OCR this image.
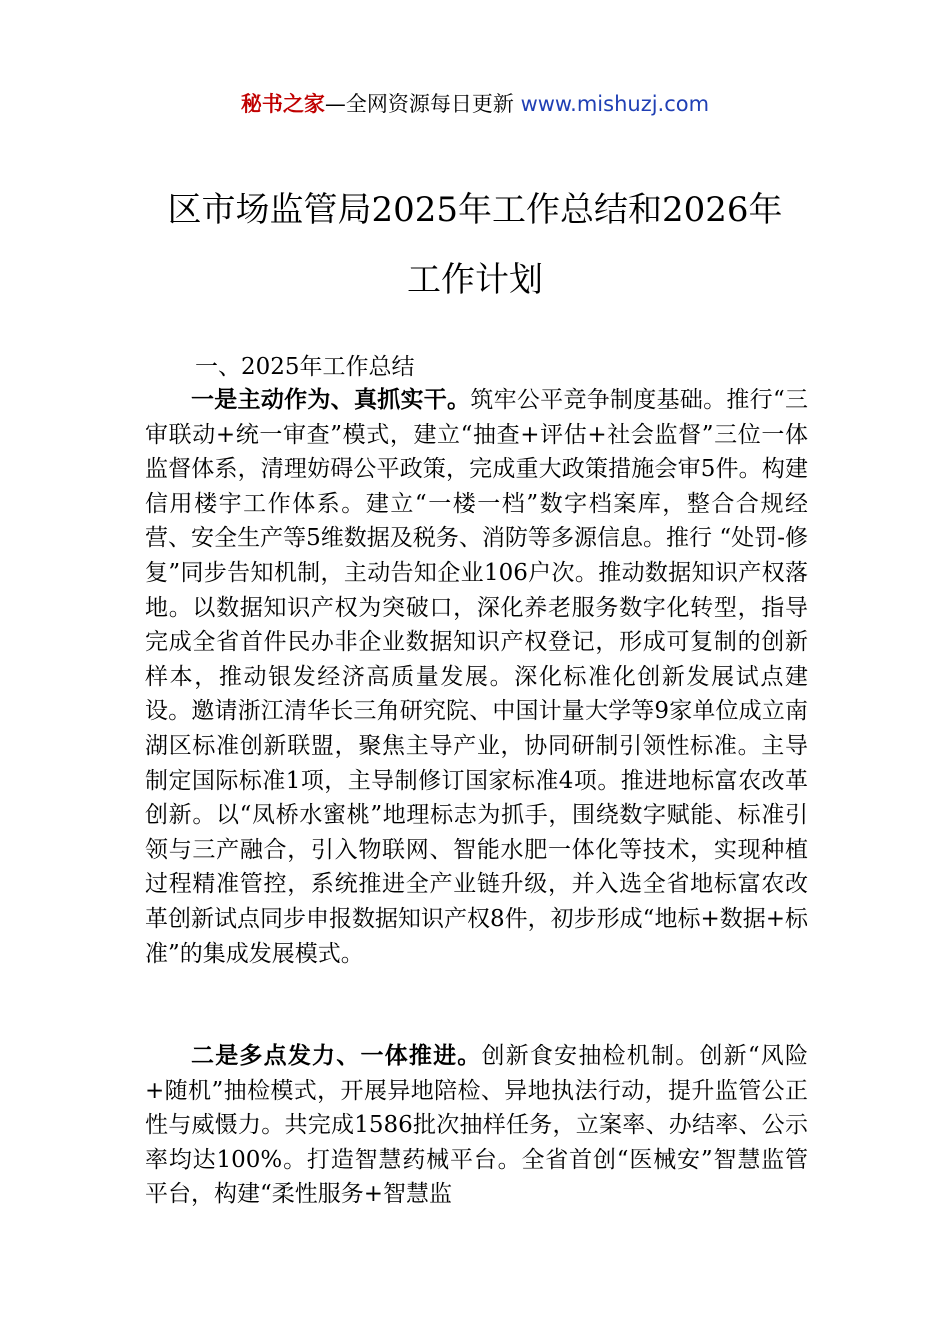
秘书之家—全网资源每日更新 www.mishuzj.com
区市场监管局2025年工作总结和2026年
工作计划
一、2025年工作总结

一是主动作为、真抓实干。筑牢公平竞争制度基础。推行“三审联动+统一审查”模式，建立“抽查+评估+社会监督”三位一体监督体系，清理妨碍公平政策，完成重大政策措施会审5件。构建信用楼宇工作体系。建立“一楼一档”数字档案库，整合合规经营、安全生产等5维数据及税务、消防等多源信息。推行 “处罚-修复”同步告知机制，主动告知企业106户次。推动数据知识产权落地。以数据知识产权为突破口，深化养老服务数字化转型，指导完成全省首件民办非企业数据知识产权登记，形成可复制的创新样本，推动银发经济高质量发展。深化标准化创新发展试点建设。邀请浙江清华长三角研究院、中国计量大学等9家单位成立南湖区标准创新联盟，聚焦主导产业，协同研制引领性标准。主导制定国际标准1项，主导制修订国家标准4项。推进地标富农改革创新。以“凤桥水蜜桃”地理标志为抓手，围绕数字赋能、标准引领与三产融合，引入物联网、智能水肥一体化等技术，实现种植过程精准管控，系统推进全产业链升级，并入选全省地标富农改革创新试点同步申报数据知识产权8件，初步形成“地标+数据+标准”的集成发展模式。

二是多点发力、一体推进。创新食安抽检机制。创新“风险+随机”抽检模式，开展异地陪检、异地执法行动，提升监管公正性与威慑力。共完成1586批次抽样任务，立案率、办结率、公示率均达100%。打造智慧药械平台。全省首创“医械安”智慧监管平台，构建“柔性服务+智慧监
